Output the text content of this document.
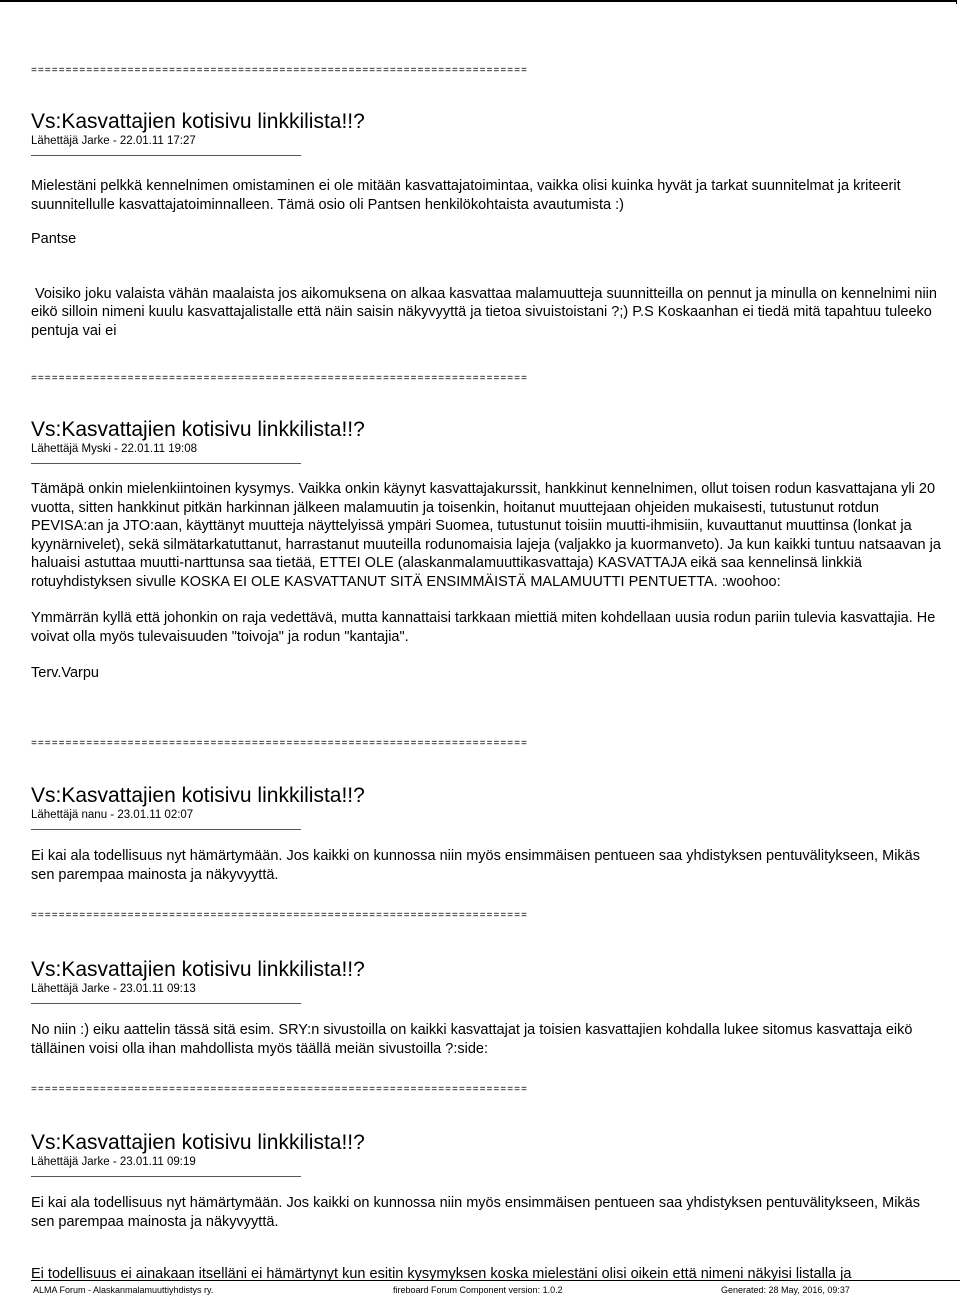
========================================================================
Vs:Kasvattajien kotisivu linkkilista!!?
Lähettäjä Jarke - 22.01.11 17:27

Mielestäni pelkkä kennelnimen omistaminen ei ole mitään kasvattajatoimintaa, vaikka olisi kuinka hyvät ja tarkat suunnitelmat ja kriteerit suunnitellulle kasvattajatoiminnalleen. Tämä osio oli Pantsen henkilökohtaista avautumista :)

Pantse

Voisiko joku valaista vähän maalaista jos aikomuksena on alkaa kasvattaa malamuutteja suunnitteilla on pennut ja minulla on kennelnimi niin eikö silloin nimeni kuulu kasvattajalistalle että näin saisin näkyvyyttä ja tietoa sivuistoistani ?;) P.S Koskaanhan ei tiedä mitä tapahtuu tuleeko pentuja vai ei

========================================================================
Vs:Kasvattajien kotisivu linkkilista!!?
Lähettäjä Myski - 22.01.11 19:08

Tämäpä onkin mielenkiintoinen kysymys. Vaikka onkin käynyt kasvattajakurssit, hankkinut kennelnimen, ollut toisen rodun kasvattajana yli 20 vuotta, sitten hankkinut pitkän harkinnan jälkeen malamuutin ja toisenkin, hoitanut muuttejaan ohjeiden mukaisesti, tutustunut rotdun PEVISA:an ja JTO:aan, käyttänyt muutteja näyttelyissä ympäri Suomea, tutustunut toisiin muutti-ihmisiin, kuvauttanut muuttinsa (lonkat ja kyynärnivelet), sekä silmätarkatuttanut, harrastanut muuteilla rodunomaisia lajeja (valjakko ja kuormanveto). Ja kun kaikki tuntuu natsaavan ja haluaisi astuttaa muutti-narttunsa saa tietää, ETTEI OLE (alaskanmalamuuttikasvattaja) KASVATTAJA eikä saa kennelinsä linkkiä rotuyhdistyksen sivulle KOSKA EI OLE KASVATTANUT SITÄ ENSIMMÄISTÄ MALAMUUTTI PENTUETTA. :woohoo:

Ymmärrän kyllä että johonkin on raja vedettävä, mutta kannattaisi tarkkaan miettiä miten kohdellaan uusia rodun pariin tulevia kasvattajia. He voivat olla myös tulevaisuuden "toivoja" ja rodun "kantajia".

Terv.Varpu

========================================================================
Vs:Kasvattajien kotisivu linkkilista!!?
Lähettäjä nanu - 23.01.11 02:07

Ei kai ala todellisuus nyt hämärtymään. Jos kaikki on kunnossa niin myös ensimmäisen pentueen saa yhdistyksen pentuvälitykseen, Mikäs sen parempaa mainosta ja näkyvyyttä.

========================================================================
Vs:Kasvattajien kotisivu linkkilista!!?
Lähettäjä Jarke - 23.01.11 09:13

No niin :) eiku aattelin tässä sitä esim. SRY:n sivustoilla on kaikki kasvattajat ja toisien kasvattajien kohdalla lukee sitomus kasvattaja eikö tälläinen voisi olla ihan mahdollista myös täällä meiän sivustoilla ?:side:

========================================================================
Vs:Kasvattajien kotisivu linkkilista!!?
Lähettäjä Jarke - 23.01.11 09:19

Ei kai ala todellisuus nyt hämärtymään. Jos kaikki on kunnossa niin myös ensimmäisen pentueen saa yhdistyksen pentuvälitykseen, Mikäs sen parempaa mainosta ja näkyvyyttä.

Ei todellisuus ei ainakaan itselläni ei hämärtynyt kun esitin kysymyksen koska mielestäni olisi oikein että nimeni näkyisi listalla ja

ALMA Forum - Alaskanmalamuuttiyhdistys ry.	fireboard Forum Component version: 1.0.2	Generated: 28 May, 2016, 09:37
